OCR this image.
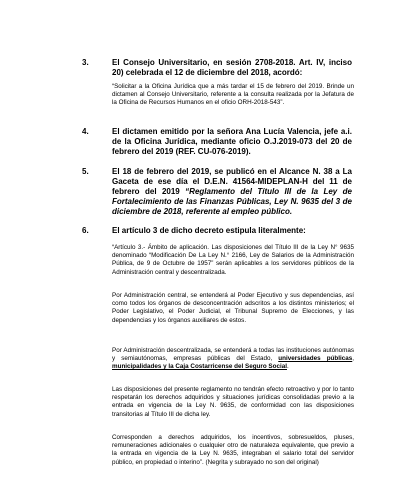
3.	El Consejo Universitario, en sesión 2708-2018. Art. IV, inciso 20) celebrada el 12 de diciembre del 2018, acordó:
“Solicitar a la Oficina Jurídica que a más tardar el 15 de febrero del 2019. Brinde un dictamen al Consejo Universitario, referente a la consulta realizada por la Jefatura de la Oficina de Recursos Humanos en el oficio ORH-2018-543”.
4.	El dictamen emitido por la señora Ana Lucía Valencia, jefe a.i. de la Oficina Jurídica, mediante oficio O.J.2019-073 del 20 de febrero del 2019 (REF. CU-076-2019).
5.	El 18 de febrero del 2019, se publicó en el Alcance N. 38 a La Gaceta de ese día el D.E.N. 41564-MIDEPLAN-H del 11 de febrero del 2019 “Reglamento del Título III de la Ley de Fortalecimiento de las Finanzas Públicas, Ley N. 9635 del 3 de diciembre de 2018, referente al empleo público.
6.	El artículo 3 de dicho decreto estipula literalmente:

“Artículo 3.- Ámbito de aplicación. Las disposiciones del Título III de la Ley N° 9635 denominado “Modificación De La Ley N.° 2166, Ley de Salarios de la Administración Pública, de 9 de Octubre de 1957” serán aplicables a los servidores públicos de la Administración central y descentralizada.

Por Administración central, se entenderá al Poder Ejecutivo y sus dependencias, así como todos los órganos de desconcentración adscritos a los distintos ministerios; el Poder Legislativo, el Poder Judicial, el Tribunal Supremo de Elecciones, y las dependencias y los órganos auxiliares de estos.

Por Administración descentralizada, se entenderá a todas las instituciones autónomas y semiautónomas, empresas públicas del Estado, universidades públicas, municipalidades y la Caja Costarricense del Seguro Social.

Las disposiciones del presente reglamento no tendrán efecto retroactivo y por lo tanto respetarán los derechos adquiridos y situaciones jurídicas consolidadas previo a la entrada en vigencia de la Ley N. 9635, de conformidad con las disposiciones transitorias al Título III de dicha ley.

Corresponden a derechos adquiridos, los incentivos, sobresueldos, pluses, remuneraciones adicionales o cualquier otro de naturaleza equivalente, que previo a la entrada en vigencia de la Ley N. 9635, integraban el salario total del servidor público, en propiedad o interino”. (Negrita y subrayado no son del original)
